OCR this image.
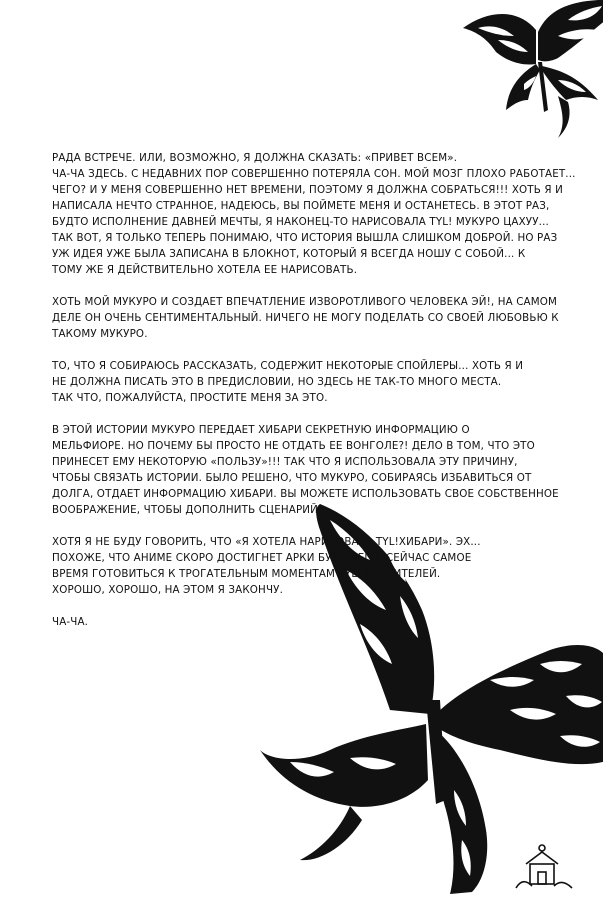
РАДА ВСТРЕЧЕ. ИЛИ, ВОЗМОЖНО, Я ДОЛЖНА СКАЗАТЬ: «ПРИВЕТ ВСЕМ».
ЧА-ЧА ЗДЕСЬ. С НЕДАВНИХ ПОР СОВЕРШЕННО ПОТЕРЯЛА СОН. МОЙ МОЗГ ПЛОХО РАБОТАЕТ...
ЧЕГО? И У МЕНЯ СОВЕРШЕННО НЕТ ВРЕМЕНИ, ПОЭТОМУ Я ДОЛЖНА СОБРАТЬСЯ!!! ХОТЬ Я И
НАПИСАЛА НЕЧТО СТРАННОЕ, НАДЕЮСЬ, ВЫ ПОЙМЕТЕ МЕНЯ И ОСТАНЕТЕСЬ. В ЭТОТ РАЗ,
БУДТО ИСПОЛНЕНИЕ ДАВНЕЙ МЕЧТЫ, Я НАКОНЕЦ-ТО НАРИСОВАЛА TYL! МУКУРО ЦАХУУ...
ТАК ВОТ, Я ТОЛЬКО ТЕПЕРЬ ПОНИМАЮ, ЧТО ИСТОРИЯ ВЫШЛА СЛИШКОМ ДОБРОЙ. НО РАЗ
УЖ ИДЕЯ УЖЕ БЫЛА ЗАПИСАНА В БЛОКНОТ, КОТОРЫЙ Я ВСЕГДА НОШУ С СОБОЙ... К
ТОМУ ЖЕ Я ДЕЙСТВИТЕЛЬНО ХОТЕЛА ЕЕ НАРИСОВАТЬ.

ХОТЬ МОЙ МУКУРО И СОЗДАЕТ ВПЕЧАТЛЕНИЕ ИЗВОРОТЛИВОГО ЧЕЛОВЕКА ЭЙ!, НА САМОМ
ДЕЛЕ ОН ОЧЕНЬ СЕНТИМЕНТАЛЬНЫЙ. НИЧЕГО НЕ МОГУ ПОДЕЛАТЬ СО СВОЕЙ ЛЮБОВЬЮ К
ТАКОМУ МУКУРО.

ТО, ЧТО Я СОБИРАЮСЬ РАССКАЗАТЬ, СОДЕРЖИТ НЕКОТОРЫЕ СПОЙЛЕРЫ... ХОТЬ Я И
НЕ ДОЛЖНА ПИСАТЬ ЭТО В ПРЕДИСЛОВИИ, НО ЗДЕСЬ НЕ ТАК-ТО МНОГО МЕСТА.
ТАК ЧТО, ПОЖАЛУЙСТА, ПРОСТИТЕ МЕНЯ ЗА ЭТО.

В ЭТОЙ ИСТОРИИ МУКУРО ПЕРЕДАЕТ ХИБАРИ СЕКРЕТНУЮ ИНФОРМАЦИЮ О
МЕЛЬФИОРЕ. НО ПОЧЕМУ БЫ ПРОСТО НЕ ОТДАТЬ ЕЕ ВОНГОЛЕ?! ДЕЛО В ТОМ, ЧТО ЭТО
ПРИНЕСЕТ ЕМУ НЕКОТОРУЮ «ПОЛЬЗУ»!!! ТАК ЧТО Я ИСПОЛЬЗОВАЛА ЭТУ ПРИЧИНУ,
ЧТОБЫ СВЯЗАТЬ ИСТОРИИ. БЫЛО РЕШЕНО, ЧТО МУКУРО, СОБИРАЯСЬ ИЗБАВИТЬСЯ ОТ
ДОЛГА, ОТДАЕТ ИНФОРМАЦИЮ ХИБАРИ. ВЫ МОЖЕТЕ ИСПОЛЬЗОВАТЬ СВОЕ СОБСТВЕННОЕ
ВООБРАЖЕНИЕ, ЧТОБЫ ДОПОЛНИТЬ СЦЕНАРИЙ.

ХОТЯ Я НЕ БУДУ ГОВОРИТЬ, ЧТО «Я ХОТЕЛА НАРИСОВАТЬ TYL!ХИБАРИ». ЭХ...
ПОХОЖЕ, ЧТО АНИМЕ СКОРО ДОСТИГНЕТ АРКИ БУДУЩЕГО. СЕЙЧАС САМОЕ
ВРЕМЯ ГОТОВИТЬСЯ К ТРОГАТЕЛЬНЫМ МОМЕНТАМ TYL! ХРАНИТЕЛЕЙ.
ХОРОШО, ХОРОШО, НА ЭТОМ Я ЗАКОНЧУ.

ЧА-ЧА.
